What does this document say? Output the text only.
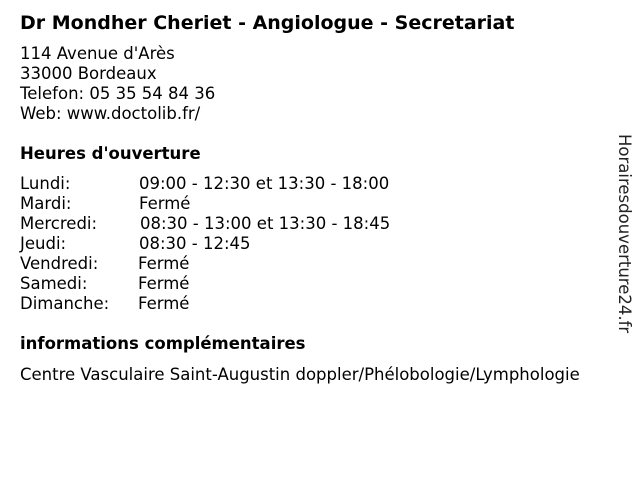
Dr Mondher Cheriet - Angiologue - Secretariat
114 Avenue d'Arès
33000 Bordeaux
Telefon: 05 35 54 84 36
Web: www.doctolib.fr/
Heures d'ouverture
Lundi:	09:00 - 12:30 et 13:30 - 18:00
Mardi:	Fermé
Mercredi:	08:30 - 13:00 et 13:30 - 18:45
Jeudi:	08:30 - 12:45
Vendredi: Fermé
Samedi:	Fermé
Dimanche: Fermé
informations complémentaires
Centre Vasculaire Saint-Augustin doppler/Phélobologie/Lymphologie
Horairesdouverture24.fr
